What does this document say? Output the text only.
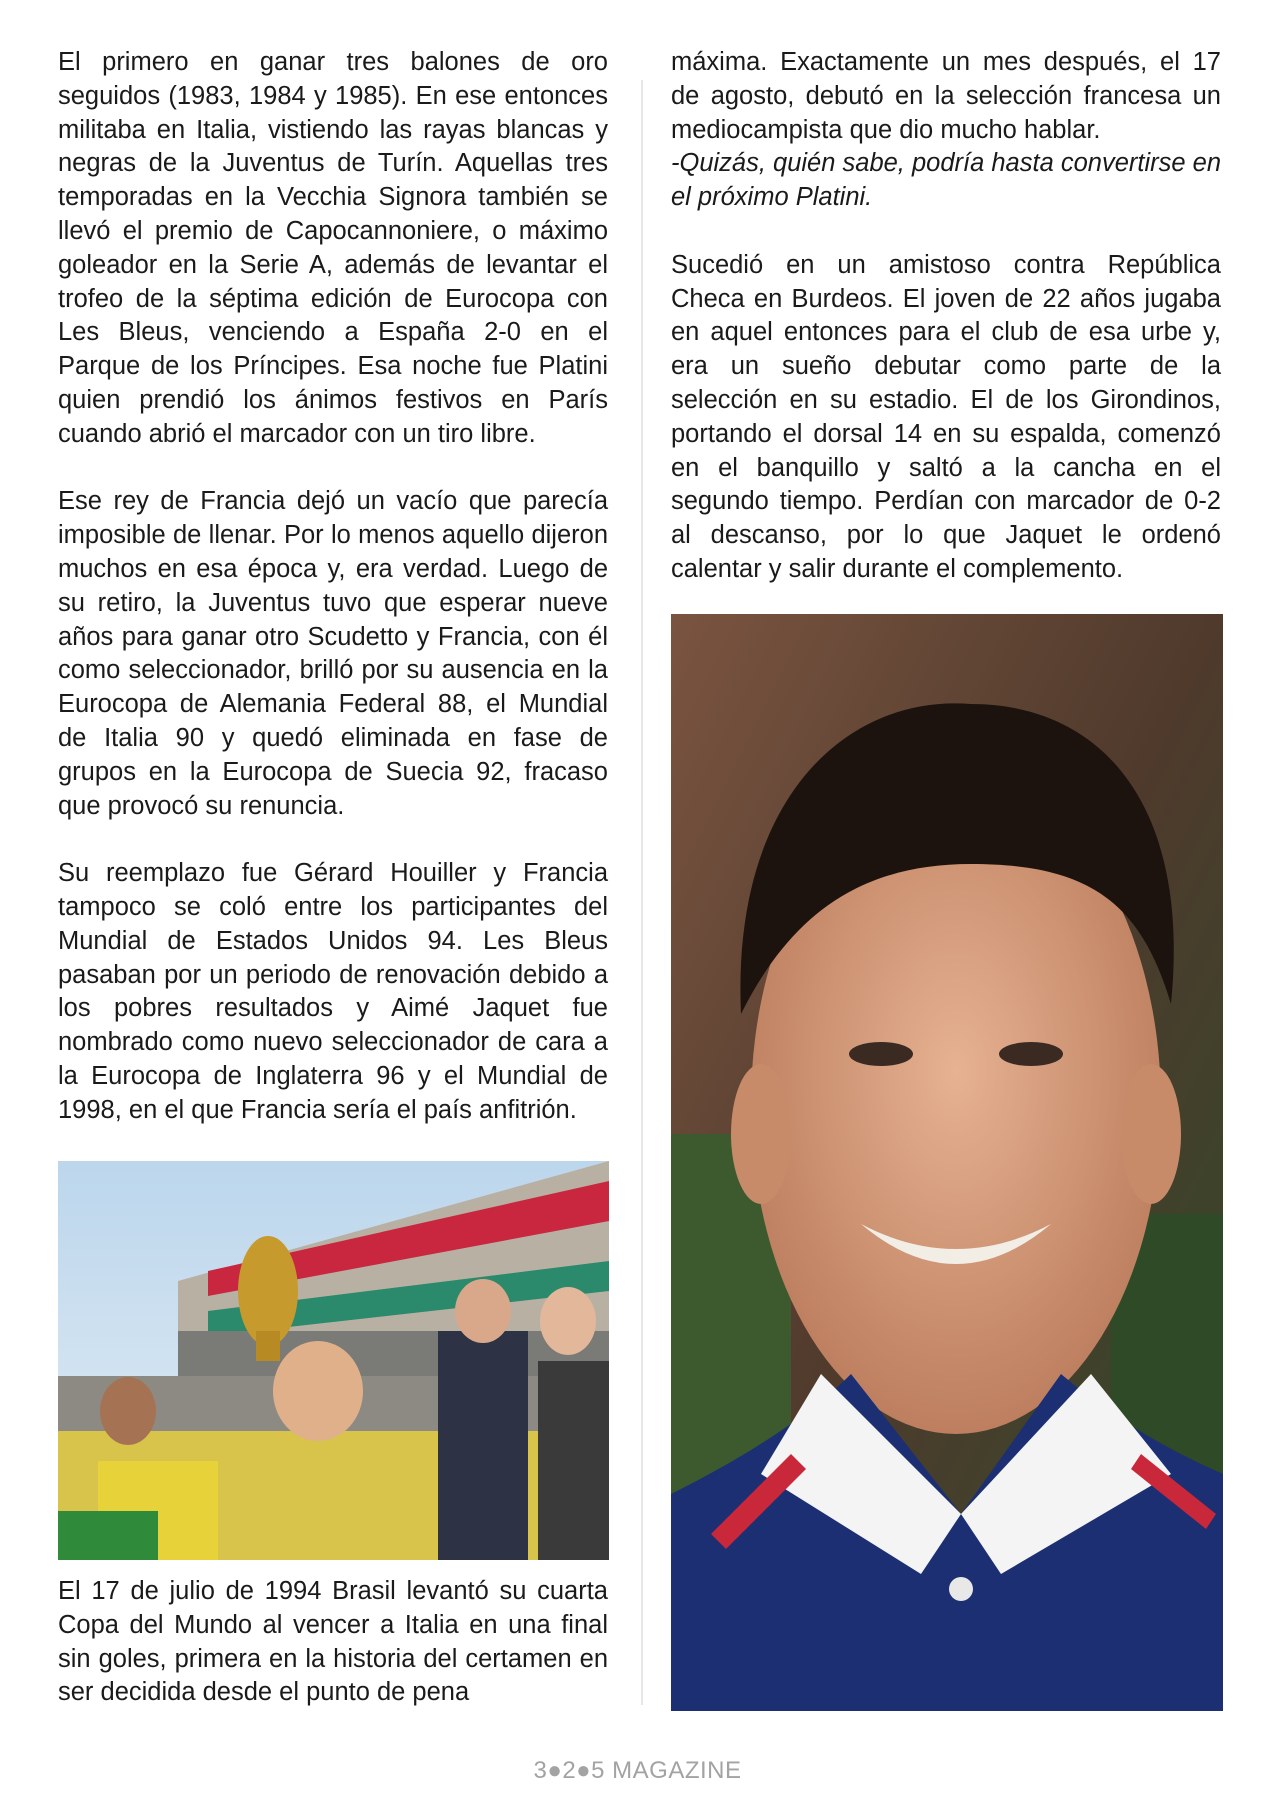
El primero en ganar tres balones de oro seguidos (1983, 1984 y 1985). En ese entonces militaba en Italia, vistiendo las rayas blancas y negras de la Juventus de Turín. Aquellas tres temporadas en la Vecchia Signora también se llevó el premio de Capocannoniere, o máximo goleador en la Serie A, además de levantar el trofeo de la séptima edición de Eurocopa con Les Bleus, venciendo a España 2-0 en el Parque de los Príncipes. Esa noche fue Platini quien prendió los ánimos festivos en París cuando abrió el marcador con un tiro libre.

Ese rey de Francia dejó un vacío que parecía imposible de llenar. Por lo menos aquello dijeron muchos en esa época y, era verdad. Luego de su retiro, la Juventus tuvo que esperar nueve años para ganar otro Scudetto y Francia, con él como seleccionador, brilló por su ausencia en la Eurocopa de Alemania Federal 88, el Mundial de Italia 90 y quedó eliminada en fase de grupos en la Eurocopa de Suecia 92, fracaso que provocó su renuncia.

Su reemplazo fue Gérard Houiller y Francia tampoco se coló entre los participantes del Mundial de Estados Unidos 94. Les Bleus pasaban por un periodo de renovación debido a los pobres resultados y Aimé Jaquet fue nombrado como nuevo seleccionador de cara a la Eurocopa de Inglaterra 96 y el Mundial de 1998, en el que Francia sería el país anfitrión.

El 17 de julio de 1994 Brasil levantó su cuarta Copa del Mundo al vencer a Italia en una final sin goles, primera en la historia del certamen en ser decidida desde el punto de pena

máxima. Exactamente un mes después, el 17 de agosto, debutó en la selección francesa un mediocampista que dio mucho hablar.

-Quizás, quién sabe, podría hasta convertirse en el próximo Platini.

Sucedió en un amistoso contra República Checa en Burdeos. El joven de 22 años jugaba en aquel entonces para el club de esa urbe y, era un sueño debutar como parte de la selección en su estadio. El de los Girondinos, portando el dorsal 14 en su espalda, comenzó en el banquillo y saltó a la cancha en el segundo tiempo. Perdían con marcador de 0-2 al descanso, por lo que Jaquet le ordenó calentar y salir durante el complemento.

3●2●5 MAGAZINE
